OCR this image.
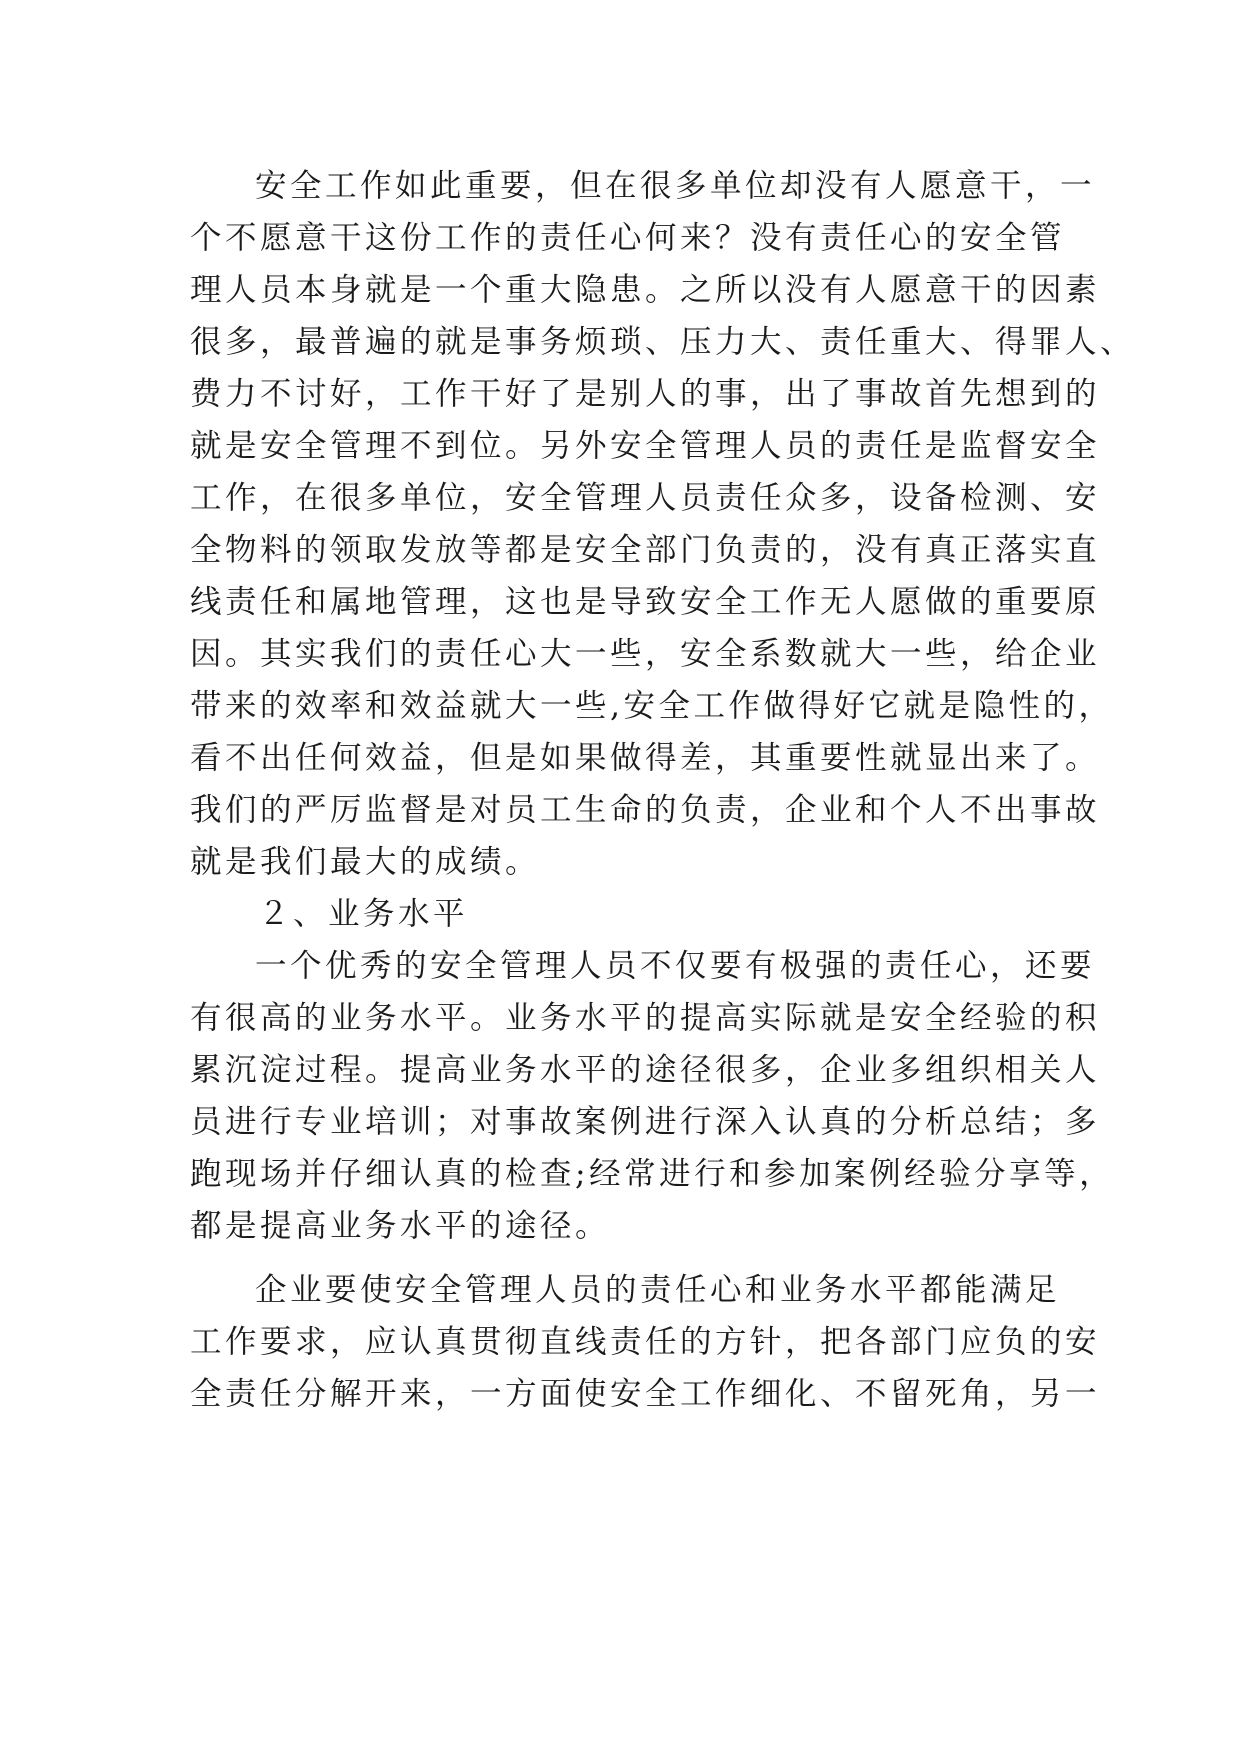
安全工作如此重要，但在很多单位却没有人愿意干，一
个不愿意干这份工作的责任心何来？没有责任心的安全管
理人员本身就是一个重大隐患。之所以没有人愿意干的因素
很多，最普遍的就是事务烦琐、压力大、责任重大、得罪人、
费力不讨好，工作干好了是别人的事，出了事故首先想到的
就是安全管理不到位。另外安全管理人员的责任是监督安全
工作，在很多单位，安全管理人员责任众多，设备检测、安
全物料的领取发放等都是安全部门负责的，没有真正落实直
线责任和属地管理，这也是导致安全工作无人愿做的重要原
因。其实我们的责任心大一些，安全系数就大一些，给企业
带来的效率和效益就大一些,安全工作做得好它就是隐性的，
看不出任何效益，但是如果做得差，其重要性就显出来了。
我们的严厉监督是对员工生命的负责，企业和个人不出事故
就是我们最大的成绩。
２、业务水平
一个优秀的安全管理人员不仅要有极强的责任心，还要
有很高的业务水平。业务水平的提高实际就是安全经验的积
累沉淀过程。提高业务水平的途径很多，企业多组织相关人
员进行专业培训；对事故案例进行深入认真的分析总结；多
跑现场并仔细认真的检查;经常进行和参加案例经验分享等，
都是提高业务水平的途径。
企业要使安全管理人员的责任心和业务水平都能满足
工作要求，应认真贯彻直线责任的方针，把各部门应负的安
全责任分解开来，一方面使安全工作细化、不留死角，另一
